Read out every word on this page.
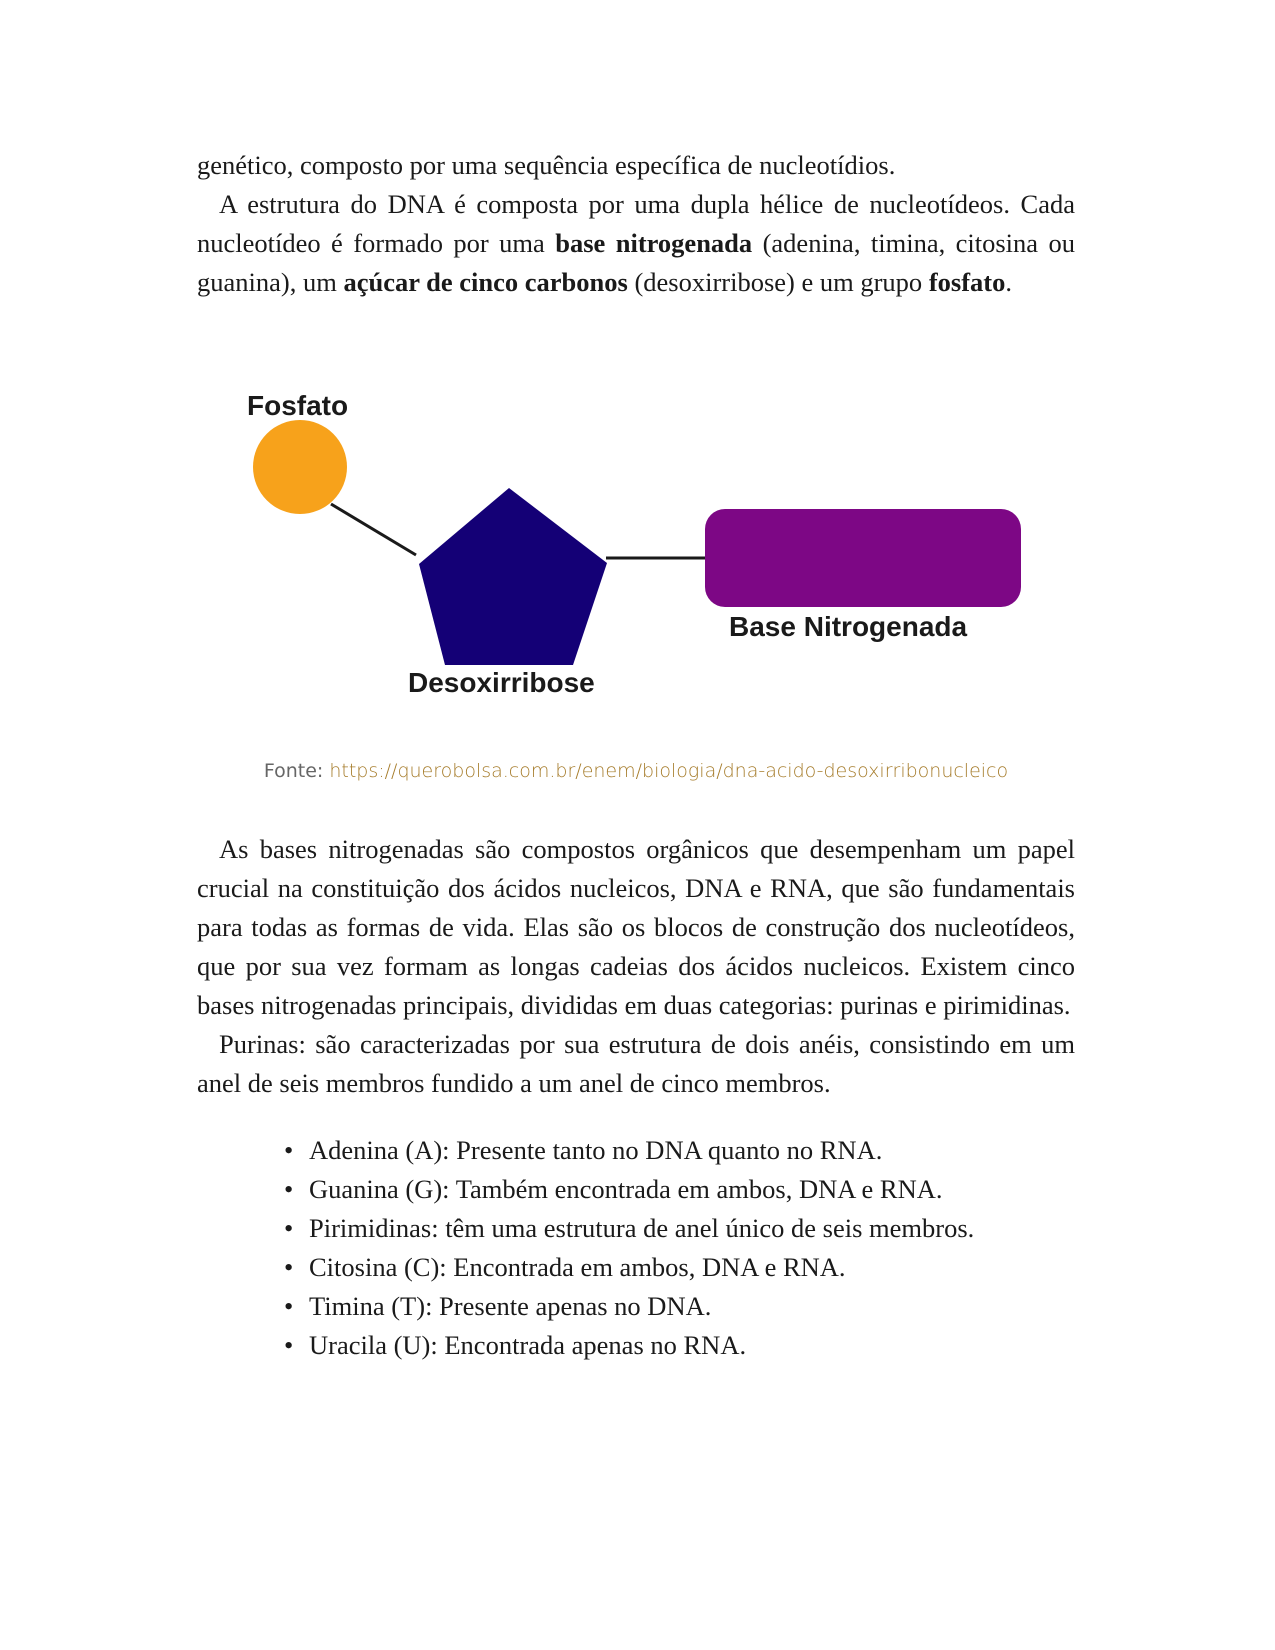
genético, composto por uma sequência específica de nucleotídios.

A estrutura do DNA é composta por uma dupla hélice de nucleotídeos. Cada nucleotídeo é formado por uma base nitrogenada (adenina, timina, citosina ou guanina), um açúcar de cinco carbonos (desoxirribose) e um grupo fosfato.

Fosfato
Desoxirribose
Base Nitrogenada
Fonte: https://querobolsa.com.br/enem/biologia/dna-acido-desoxirribonucleico

As bases nitrogenadas são compostos orgânicos que desempenham um papel crucial na constituição dos ácidos nucleicos, DNA e RNA, que são fundamentais para todas as formas de vida. Elas são os blocos de construção dos nucleotídeos, que por sua vez formam as longas cadeias dos ácidos nucleicos. Existem cinco bases nitrogenadas principais, divididas em duas categorias: purinas e pirimidinas.

Purinas: são caracterizadas por sua estrutura de dois anéis, consistindo em um anel de seis membros fundido a um anel de cinco membros.

• Adenina (A): Presente tanto no DNA quanto no RNA.
• Guanina (G): Também encontrada em ambos, DNA e RNA.
• Pirimidinas: têm uma estrutura de anel único de seis membros.
• Citosina (C): Encontrada em ambos, DNA e RNA.
• Timina (T): Presente apenas no DNA.
• Uracila (U): Encontrada apenas no RNA.
